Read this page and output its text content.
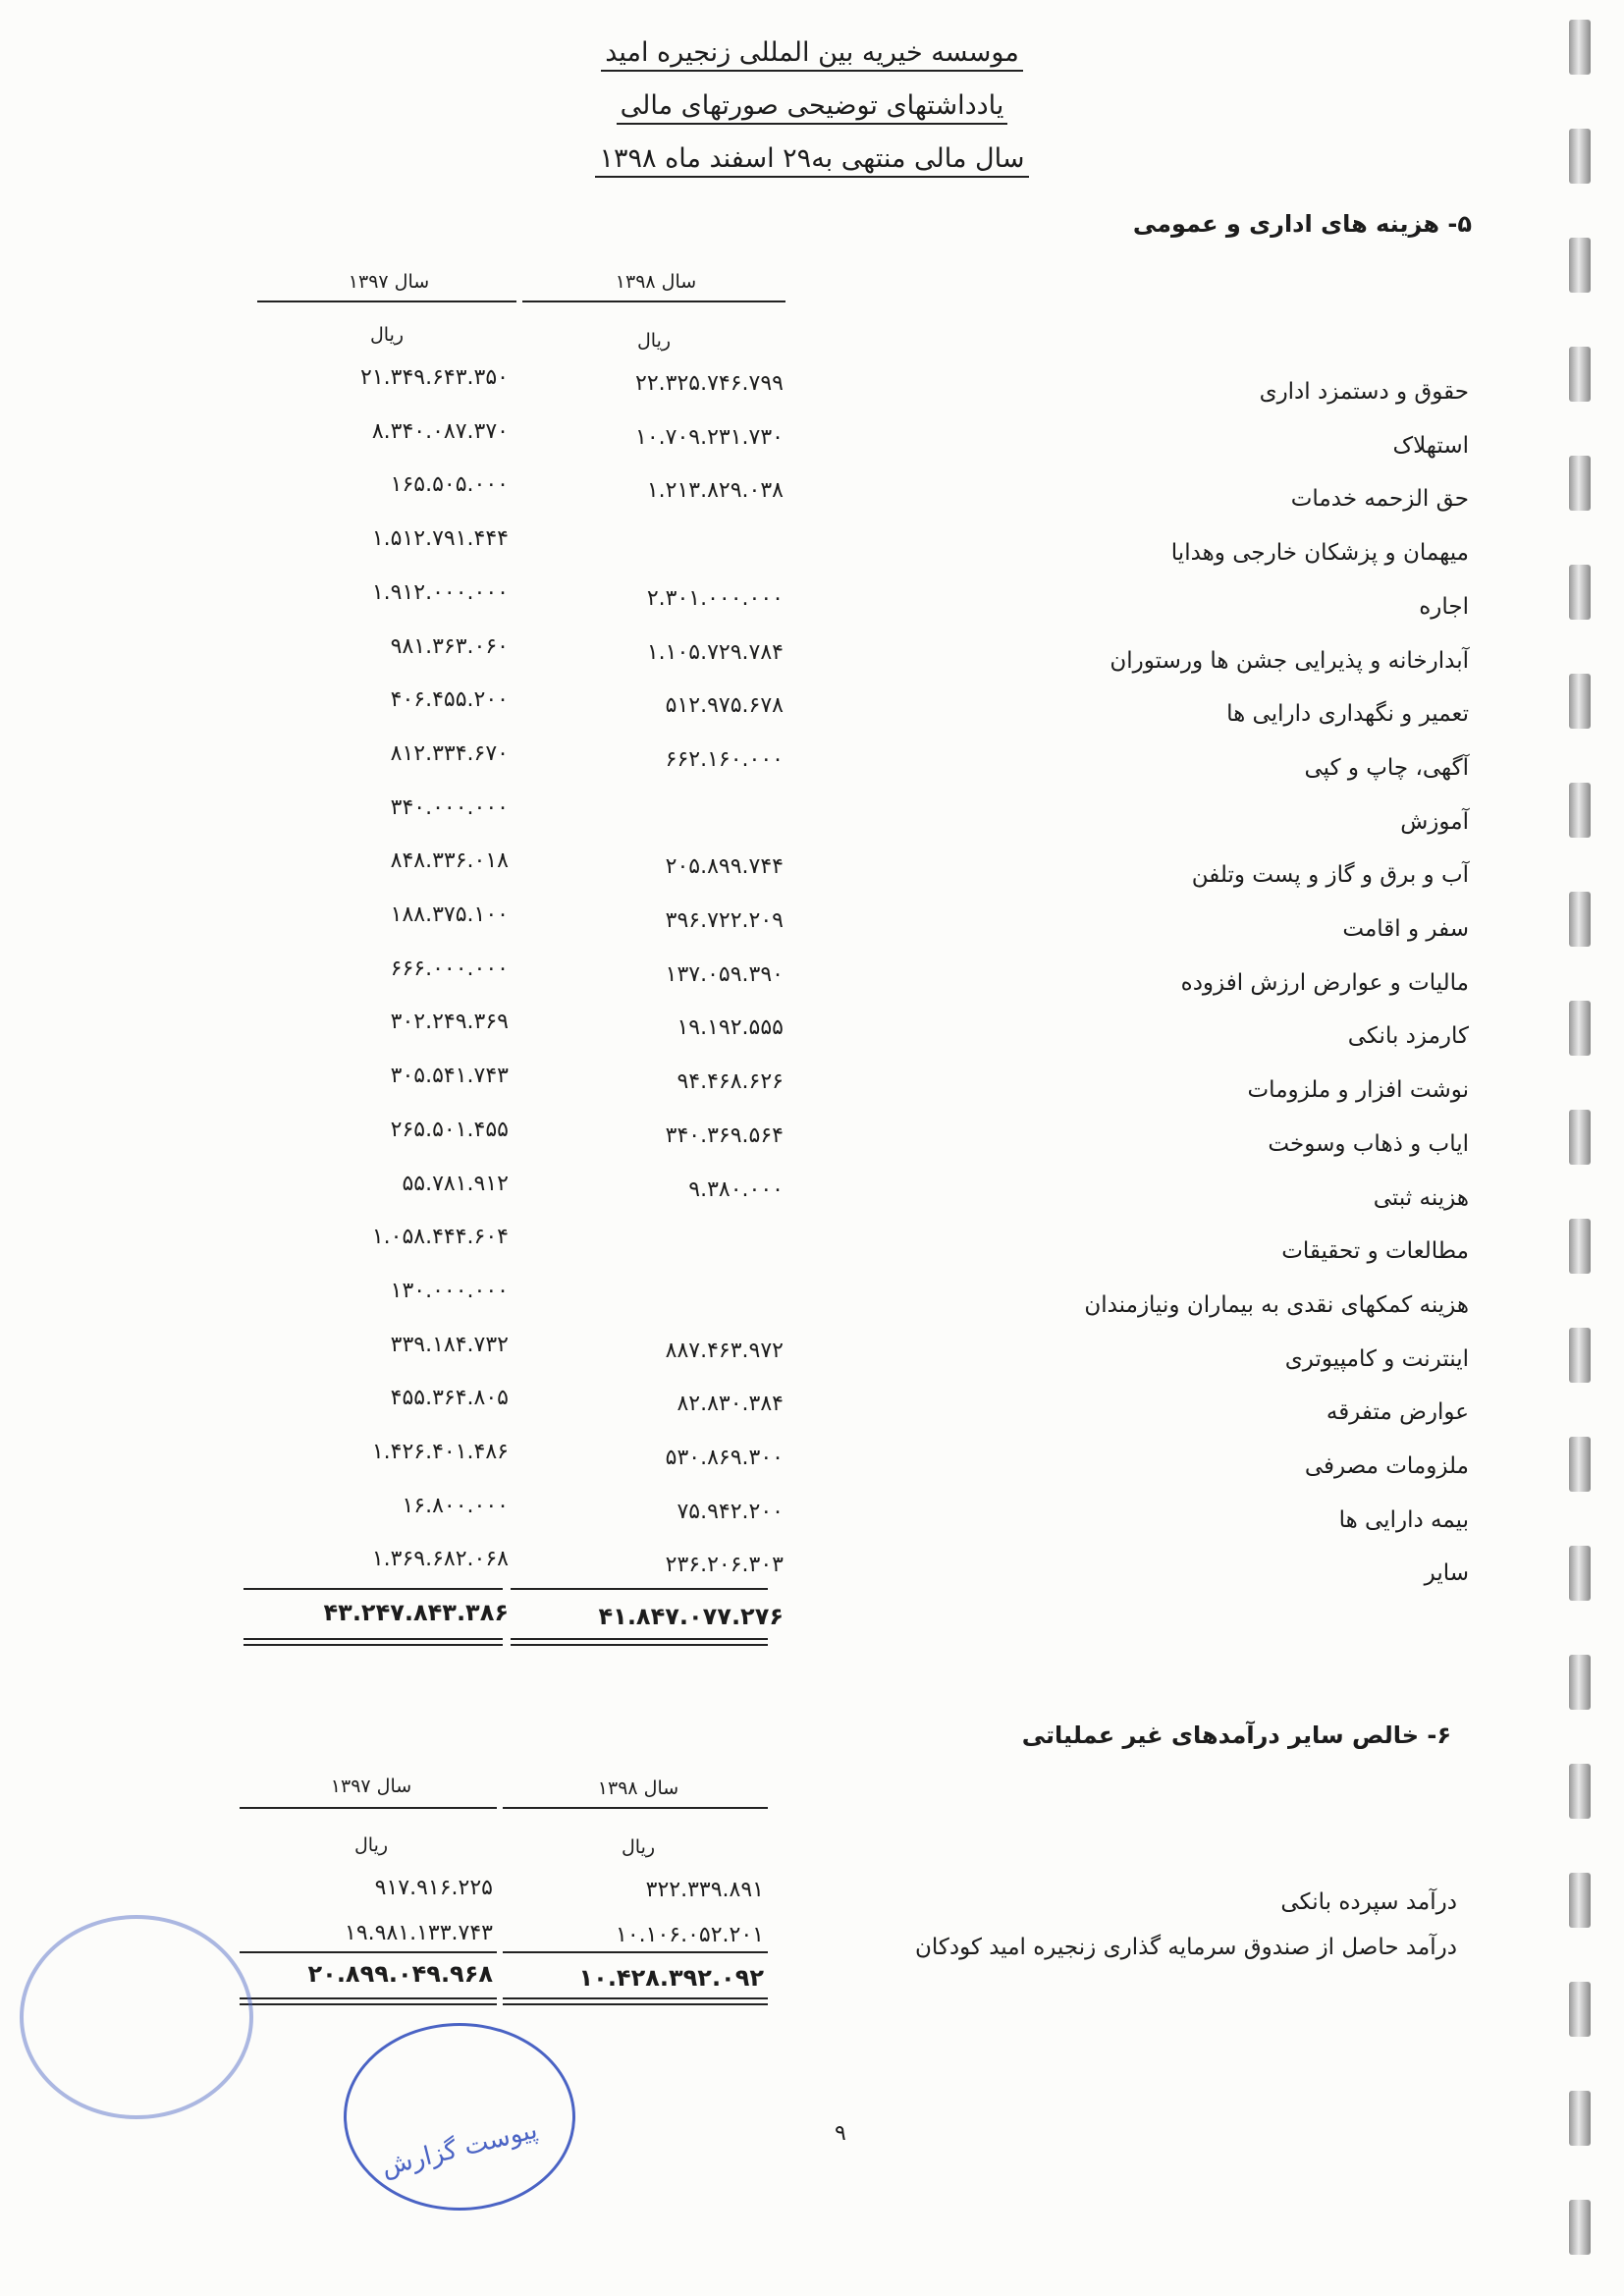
موسسه خیریه بین المللی زنجیره امید
یادداشتهای توضیحی صورتهای مالی
سال مالی منتهی به۲۹ اسفند ماه ۱۳۹۸
۵- هزینه های اداری و عمومی
سال ۱۳۹۸
سال ۱۳۹۷
ریال
ریال
حقوق و دستمزد اداری
۲۲.۳۲۵.۷۴۶.۷۹۹
۲۱.۳۴۹.۶۴۳.۳۵۰
استهلاک
۱۰.۷۰۹.۲۳۱.۷۳۰
۸.۳۴۰.۰۸۷.۳۷۰
حق الزحمه خدمات
۱.۲۱۳.۸۲۹.۰۳۸
۱۶۵.۵۰۵.۰۰۰
میهمان و پزشکان خارجی وهدایا
۱.۵۱۲.۷۹۱.۴۴۴
اجاره
۲.۳۰۱.۰۰۰.۰۰۰
۱.۹۱۲.۰۰۰.۰۰۰
آبدارخانه و پذیرایی جشن ها ورستوران
۱.۱۰۵.۷۲۹.۷۸۴
۹۸۱.۳۶۳.۰۶۰
تعمیر و نگهداری دارایی ها
۵۱۲.۹۷۵.۶۷۸
۴۰۶.۴۵۵.۲۰۰
آگهی، چاپ و کپی
۶۶۲.۱۶۰.۰۰۰
۸۱۲.۳۳۴.۶۷۰
آموزش
۳۴۰.۰۰۰.۰۰۰
آب و برق و گاز و پست وتلفن
۲۰۵.۸۹۹.۷۴۴
۸۴۸.۳۳۶.۰۱۸
سفر و اقامت
۳۹۶.۷۲۲.۲۰۹
۱۸۸.۳۷۵.۱۰۰
مالیات و عوارض ارزش افزوده
۱۳۷.۰۵۹.۳۹۰
۶۶۶.۰۰۰.۰۰۰
کارمزد بانکی
۱۹.۱۹۲.۵۵۵
۳۰۲.۲۴۹.۳۶۹
نوشت افزار و ملزومات
۹۴.۴۶۸.۶۲۶
۳۰۵.۵۴۱.۷۴۳
ایاب و ذهاب وسوخت
۳۴۰.۳۶۹.۵۶۴
۲۶۵.۵۰۱.۴۵۵
هزینه ثبتی
۹.۳۸۰.۰۰۰
۵۵.۷۸۱.۹۱۲
مطالعات و تحقیقات
۱.۰۵۸.۴۴۴.۶۰۴
هزینه کمکهای نقدی به بیماران ونیازمندان
۱۳۰.۰۰۰.۰۰۰
اینترنت و کامپیوتری
۸۸۷.۴۶۳.۹۷۲
۳۳۹.۱۸۴.۷۳۲
عوارض متفرقه
۸۲.۸۳۰.۳۸۴
۴۵۵.۳۶۴.۸۰۵
ملزومات مصرفی
۵۳۰.۸۶۹.۳۰۰
۱.۴۲۶.۴۰۱.۴۸۶
بیمه دارایی ها
۷۵.۹۴۲.۲۰۰
۱۶.۸۰۰.۰۰۰
سایر
۲۳۶.۲۰۶.۳۰۳
۱.۳۶۹.۶۸۲.۰۶۸
۴۱.۸۴۷.۰۷۷.۲۷۶
۴۳.۲۴۷.۸۴۳.۳۸۶
۶- خالص سایر درآمدهای غیر عملیاتی
سال ۱۳۹۸
سال ۱۳۹۷
ریال
ریال
درآمد سپرده بانکی
۳۲۲.۳۳۹.۸۹۱
۹۱۷.۹۱۶.۲۲۵
درآمد حاصل از صندوق سرمایه گذاری زنجیره امید کودکان
۱۰.۱۰۶.۰۵۲.۲۰۱
۱۹.۹۸۱.۱۳۳.۷۴۳
۱۰.۴۲۸.۳۹۲.۰۹۲
۲۰.۸۹۹.۰۴۹.۹۶۸
۹
پیوست گزارش
